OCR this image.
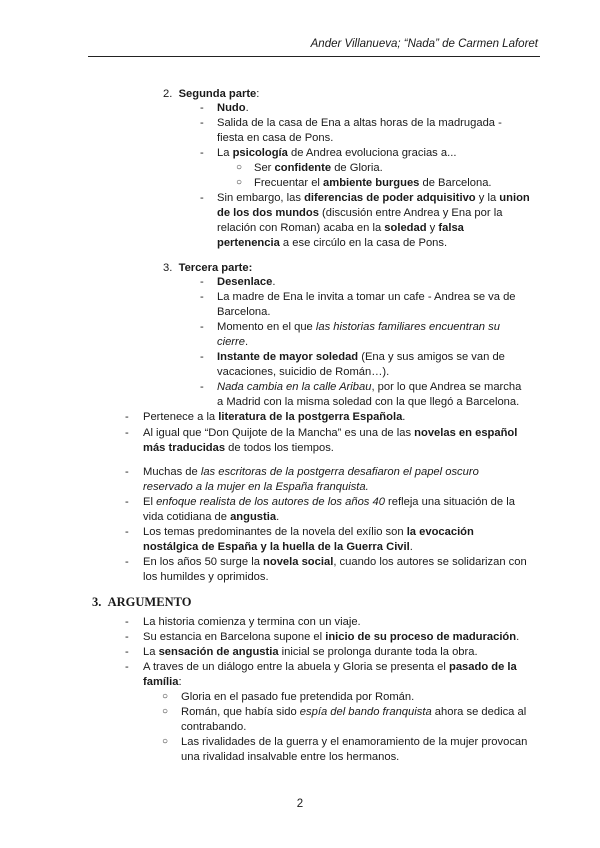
Ander Villanueva; “Nada” de Carmen Laforet
2. Segunda parte:
- Nudo.
- Salida de la casa de Ena a altas horas de la madrugada -
fiesta en casa de Pons.
- La psicología de Andrea evoluciona gracias a...
○ Ser confidente de Gloria.
○ Frecuentar el ambiente burgues de Barcelona.
- Sin embargo, las diferencias de poder adquisitivo y la union
de los dos mundos (discusión entre Andrea y Ena por la
relación con Roman) acaba en la soledad y falsa
pertenencia a ese circúlo en la casa de Pons.
3. Tercera parte:
- Desenlace.
- La madre de Ena le invita a tomar un cafe - Andrea se va de
Barcelona.
- Momento en el que las historias familiares encuentran su
cierre.
- Instante de mayor soledad (Ena y sus amigos se van de
vacaciones, suicidio de Román…).
- Nada cambia en la calle Aribau, por lo que Andrea se marcha
a Madrid con la misma soledad con la que llegó a Barcelona.
- Pertenece a la literatura de la postgerra Española.
- Al igual que “Don Quijote de la Mancha” es una de las novelas en español
más traducidas de todos los tiempos.
- Muchas de las escritoras de la postgerra desafiaron el papel oscuro
reservado a la mujer en la España franquista.
- El enfoque realista de los autores de los años 40 refleja una situación de la
vida cotidiana de angustia.
- Los temas predominantes de la novela del exílio son la evocación
nostálgica de España y la huella de la Guerra Civil.
- En los años 50 surge la novela social, cuando los autores se solidarizan con
los humildes y oprimidos.
3. ARGUMENTO
- La historia comienza y termina con un viaje.
- Su estancia en Barcelona supone el inicio de su proceso de maduración.
- La sensación de angustia inicial se prolonga durante toda la obra.
- A traves de un diálogo entre la abuela y Gloria se presenta el pasado de la
família:
○ Gloria en el pasado fue pretendida por Román.
○ Román, que había sido espía del bando franquista ahora se dedica al
contrabando.
○ Las rivalidades de la guerra y el enamoramiento de la mujer provocan
una rivalidad insalvable entre los hermanos.
2
